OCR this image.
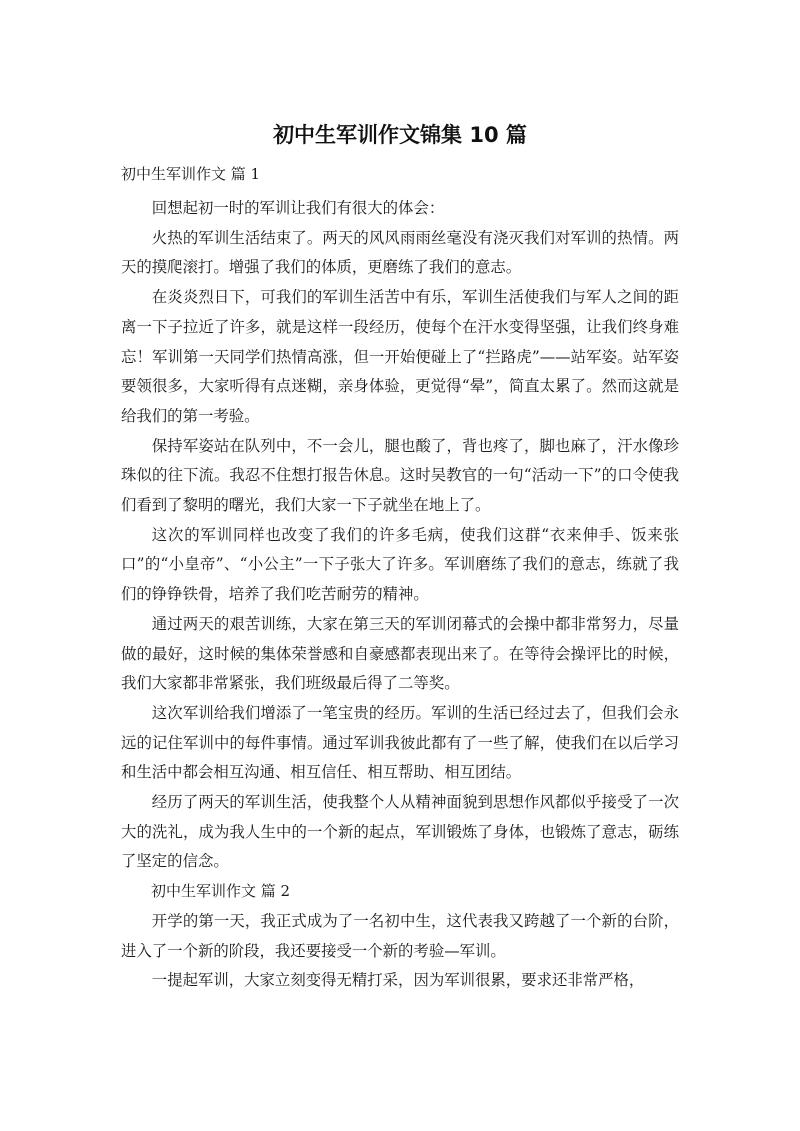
初中生军训作文锦集 10 篇
初中生军训作文 篇 1

回想起初一时的军训让我们有很大的体会：

火热的军训生活结束了。两天的风风雨雨丝毫没有浇灭我们对军训的热情。两天的摸爬滚打。增强了我们的体质，更磨练了我们的意志。

在炎炎烈日下，可我们的军训生活苦中有乐，军训生活使我们与军人之间的距离一下子拉近了许多，就是这样一段经历，使每个在汗水变得坚强，让我们终身难忘！军训第一天同学们热情高涨，但一开始便碰上了“拦路虎”——站军姿。站军姿要领很多，大家听得有点迷糊，亲身体验，更觉得“晕”，简直太累了。然而这就是给我们的第一考验。

保持军姿站在队列中，不一会儿，腿也酸了，背也疼了，脚也麻了，汗水像珍珠似的往下流。我忍不住想打报告休息。这时吴教官的一句“活动一下”的口令使我们看到了黎明的曙光，我们大家一下子就坐在地上了。

这次的军训同样也改变了我们的许多毛病，使我们这群“衣来伸手、饭来张口”的“小皇帝”、“小公主”一下子张大了许多。军训磨练了我们的意志，练就了我们的铮铮铁骨，培养了我们吃苦耐劳的精神。

通过两天的艰苦训练，大家在第三天的军训闭幕式的会操中都非常努力，尽量做的最好，这时候的集体荣誉感和自豪感都表现出来了。在等待会操评比的时候，我们大家都非常紧张，我们班级最后得了二等奖。

这次军训给我们增添了一笔宝贵的经历。军训的生活已经过去了，但我们会永远的记住军训中的每件事情。通过军训我彼此都有了一些了解，使我们在以后学习和生活中都会相互沟通、相互信任、相互帮助、相互团结。

经历了两天的军训生活，使我整个人从精神面貌到思想作风都似乎接受了一次大的洗礼，成为我人生中的一个新的起点，军训锻炼了身体，也锻炼了意志，砺练了坚定的信念。

初中生军训作文 篇 2

开学的第一天，我正式成为了一名初中生，这代表我又跨越了一个新的台阶，进入了一个新的阶段，我还要接受一个新的考验—军训。

一提起军训，大家立刻变得无精打采，因为军训很累，要求还非常严格，
